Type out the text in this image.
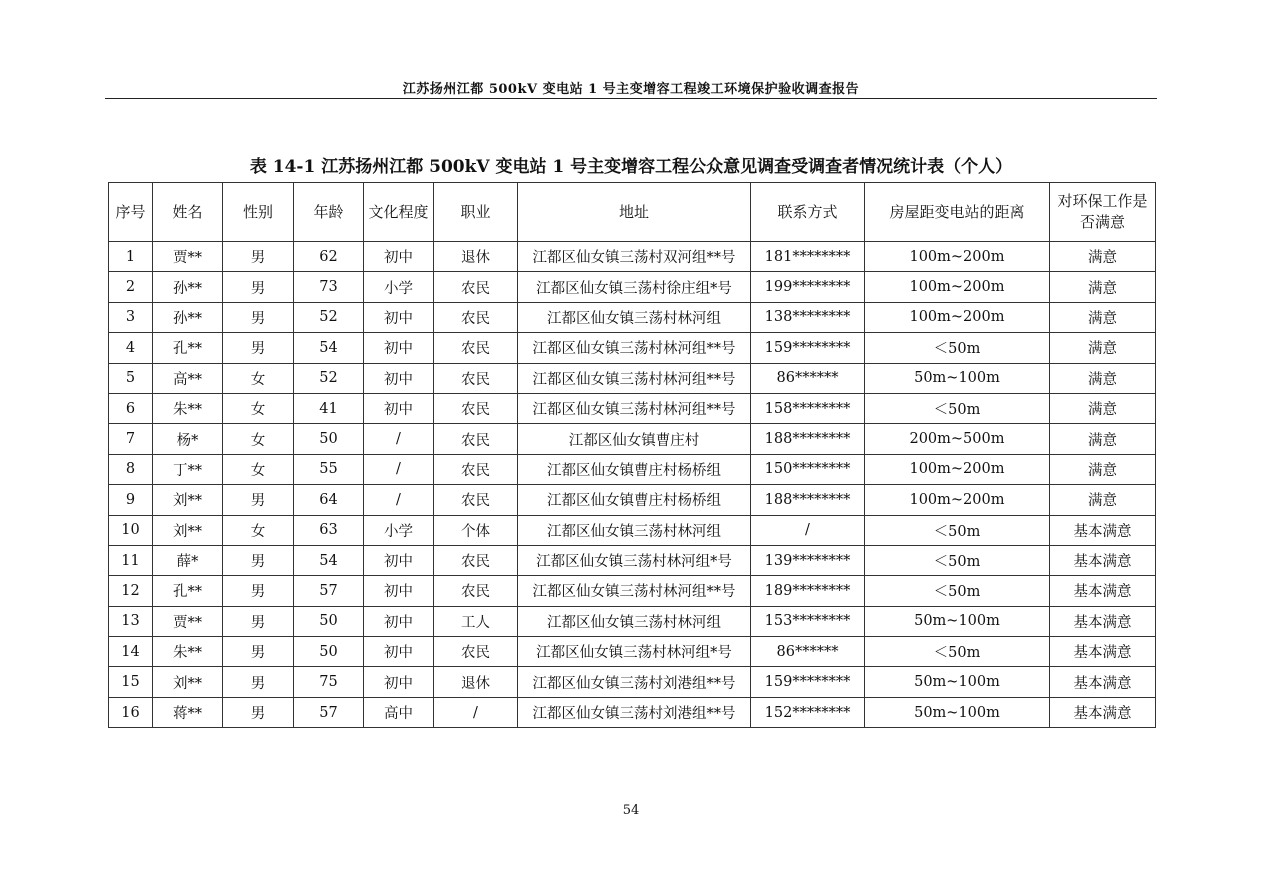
江苏扬州江都 500kV 变电站 1 号主变增容工程竣工环境保护验收调查报告
表 14-1 江苏扬州江都 500kV 变电站 1 号主变增容工程公众意见调查受调查者情况统计表（个人）
序号	姓名	性别	年龄	文化程度	职业	地址	联系方式	房屋距变电站的距离	对环保工作是否满意
1	贾**	男	62	初中	退休	江都区仙女镇三荡村双河组**号	181********	100m~200m	满意
2	孙**	男	73	小学	农民	江都区仙女镇三荡村徐庄组*号	199********	100m~200m	满意
3	孙**	男	52	初中	农民	江都区仙女镇三荡村林河组	138********	100m~200m	满意
4	孔**	男	54	初中	农民	江都区仙女镇三荡村林河组**号	159********	＜50m	满意
5	高**	女	52	初中	农民	江都区仙女镇三荡村林河组**号	86******	50m~100m	满意
6	朱**	女	41	初中	农民	江都区仙女镇三荡村林河组**号	158********	＜50m	满意
7	杨*	女	50	/	农民	江都区仙女镇曹庄村	188********	200m~500m	满意
8	丁**	女	55	/	农民	江都区仙女镇曹庄村杨桥组	150********	100m~200m	满意
9	刘**	男	64	/	农民	江都区仙女镇曹庄村杨桥组	188********	100m~200m	满意
10	刘**	女	63	小学	个体	江都区仙女镇三荡村林河组	/	＜50m	基本满意
11	薛*	男	54	初中	农民	江都区仙女镇三荡村林河组*号	139********	＜50m	基本满意
12	孔**	男	57	初中	农民	江都区仙女镇三荡村林河组**号	189********	＜50m	基本满意
13	贾**	男	50	初中	工人	江都区仙女镇三荡村林河组	153********	50m~100m	基本满意
14	朱**	男	50	初中	农民	江都区仙女镇三荡村林河组*号	86******	＜50m	基本满意
15	刘**	男	75	初中	退休	江都区仙女镇三荡村刘港组**号	159********	50m~100m	基本满意
16	蒋**	男	57	高中	/	江都区仙女镇三荡村刘港组**号	152********	50m~100m	基本满意
54
